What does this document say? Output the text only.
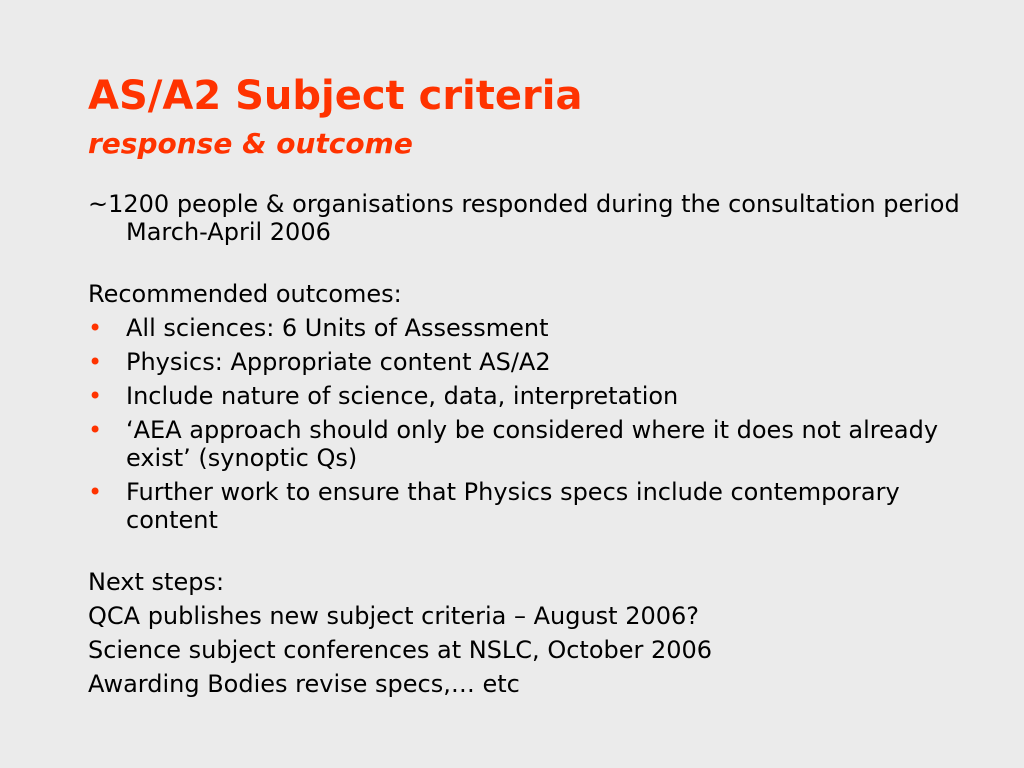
AS/A2 Subject criteria
response & outcome

~1200 people & organisations responded during the consultation period March-April 2006

Recommended outcomes:

• All sciences: 6 Units of Assessment
• Physics: Appropriate content AS/A2
• Include nature of science, data, interpretation
• ‘AEA approach should only be considered where it does not already exist’ (synoptic Qs)
• Further work to ensure that Physics specs include contemporary content

Next steps:

QCA publishes new subject criteria – August 2006?

Science subject conferences at NSLC, October 2006

Awarding Bodies revise specs,… etc
